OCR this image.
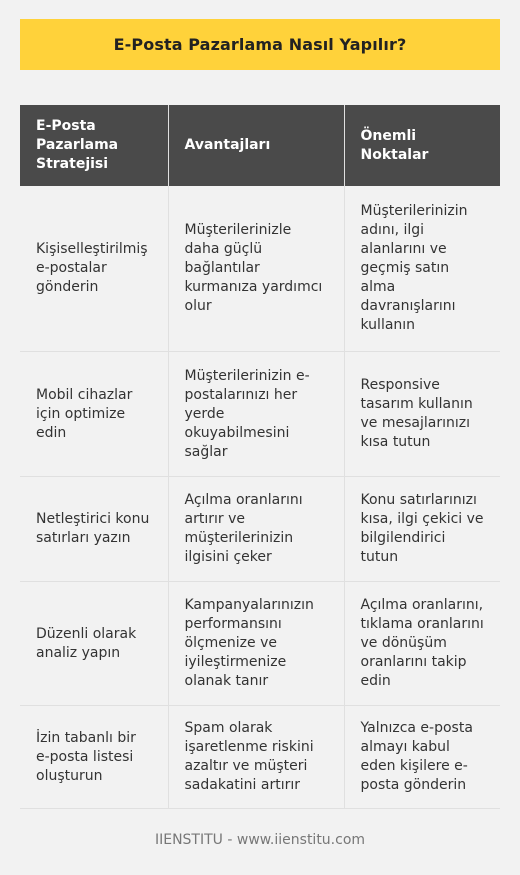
E-Posta Pazarlama Nasıl Yapılır?
E-Posta Pazarlama Stratejisi	Avantajları	Önemli Noktalar
Kişiselleştirilmiş e-postalar gönderin	Müşterilerinizle daha güçlü bağlantılar kurmanıza yardımcı olur	Müşterilerinizin adını, ilgi alanlarını ve geçmiş satın alma davranışlarını kullanın
Mobil cihazlar için optimize edin	Müşterilerinizin e-postalarınızı her yerde okuyabilmesini sağlar	Responsive tasarım kullanın ve mesajlarınızı kısa tutun
Netleştirici konu satırları yazın	Açılma oranlarını artırır ve müşterilerinizin ilgisini çeker	Konu satırlarınızı kısa, ilgi çekici ve bilgilendirici tutun
Düzenli olarak analiz yapın	Kampanyalarınızın performansını ölçmenize ve iyileştirmenize olanak tanır	Açılma oranlarını, tıklama oranlarını ve dönüşüm oranlarını takip edin
İzin tabanlı bir e-posta listesi oluşturun	Spam olarak işaretlenme riskini azaltır ve müşteri sadakatini artırır	Yalnızca e-posta almayı kabul eden kişilere e-posta gönderin
IIENSTITU - www.iienstitu.com
